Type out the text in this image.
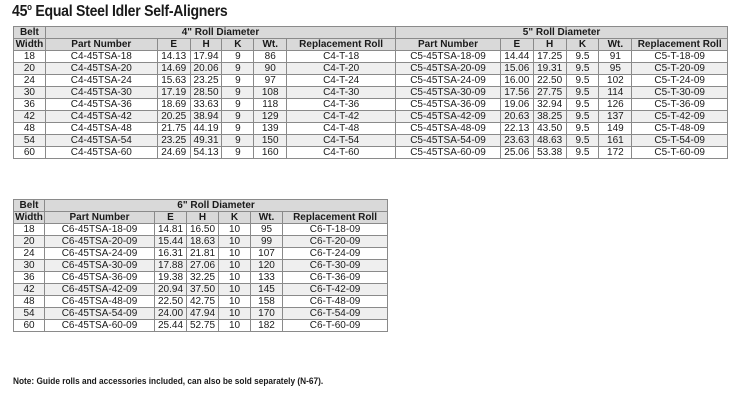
45$^o$ Equal Steel Idler Self-Aligners
Belt	4" Roll Diameter						5" Roll Diameter					
Width	Part Number	E	H	K	Wt.	Replacement Roll	Part Number	E	H	K	Wt.	Replacement Roll
18	C4-45TSA-18	14.13	17.94	9	86	C4-T-18	C5-45TSA-18-09	14.44	17.25	9.5	91	C5-T-18-09
20	C4-45TSA-20	14.69	20.06	9	90	C4-T-20	C5-45TSA-20-09	15.06	19.31	9.5	95	C5-T-20-09
24	C4-45TSA-24	15.63	23.25	9	97	C4-T-24	C5-45TSA-24-09	16.00	22.50	9.5	102	C5-T-24-09
30	C4-45TSA-30	17.19	28.50	9	108	C4-T-30	C5-45TSA-30-09	17.56	27.75	9.5	114	C5-T-30-09
36	C4-45TSA-36	18.69	33.63	9	118	C4-T-36	C5-45TSA-36-09	19.06	32.94	9.5	126	C5-T-36-09
42	C4-45TSA-42	20.25	38.94	9	129	C4-T-42	C5-45TSA-42-09	20.63	38.25	9.5	137	C5-T-42-09
48	C4-45TSA-48	21.75	44.19	9	139	C4-T-48	C5-45TSA-48-09	22.13	43.50	9.5	149	C5-T-48-09
54	C4-45TSA-54	23.25	49.31	9	150	C4-T-54	C5-45TSA-54-09	23.63	48.63	9.5	161	C5-T-54-09
60	C4-45TSA-60	24.69	54.13	9	160	C4-T-60	C5-45TSA-60-09	25.06	53.38	9.5	172	C5-T-60-09
Belt	6" Roll Diameter					
Width	Part Number	E	H	K	Wt.	Replacement Roll
18	C6-45TSA-18-09	14.81	16.50	10	95	C6-T-18-09
20	C6-45TSA-20-09	15.44	18.63	10	99	C6-T-20-09
24	C6-45TSA-24-09	16.31	21.81	10	107	C6-T-24-09
30	C6-45TSA-30-09	17.88	27.06	10	120	C6-T-30-09
36	C6-45TSA-36-09	19.38	32.25	10	133	C6-T-36-09
42	C6-45TSA-42-09	20.94	37.50	10	145	C6-T-42-09
48	C6-45TSA-48-09	22.50	42.75	10	158	C6-T-48-09
54	C6-45TSA-54-09	24.00	47.94	10	170	C6-T-54-09
60	C6-45TSA-60-09	25.44	52.75	10	182	C6-T-60-09
Note: Guide rolls and accessories included, can also be sold separately (N-67).
